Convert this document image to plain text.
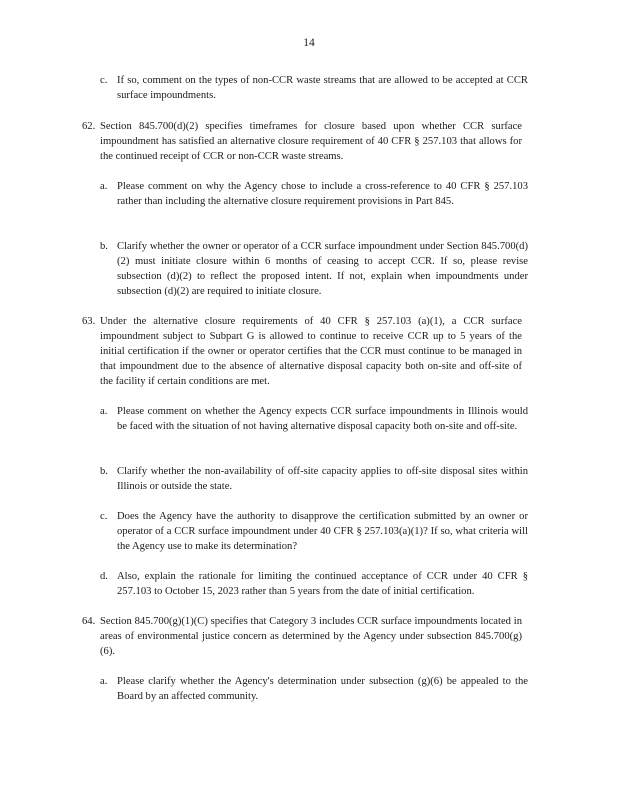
14
c. If so, comment on the types of non-CCR waste streams that are allowed to be accepted at CCR surface impoundments.
62. Section 845.700(d)(2) specifies timeframes for closure based upon whether CCR surface impoundment has satisfied an alternative closure requirement of 40 CFR § 257.103 that allows for the continued receipt of CCR or non-CCR waste streams.
a. Please comment on why the Agency chose to include a cross-reference to 40 CFR § 257.103 rather than including the alternative closure requirement provisions in Part 845.
b. Clarify whether the owner or operator of a CCR surface impoundment under Section 845.700(d)(2) must initiate closure within 6 months of ceasing to accept CCR. If so, please revise subsection (d)(2) to reflect the proposed intent. If not, explain when impoundments under subsection (d)(2) are required to initiate closure.
63. Under the alternative closure requirements of 40 CFR § 257.103 (a)(1), a CCR surface impoundment subject to Subpart G is allowed to continue to receive CCR up to 5 years of the initial certification if the owner or operator certifies that the CCR must continue to be managed in that impoundment due to the absence of alternative disposal capacity both on-site and off-site of the facility if certain conditions are met.
a. Please comment on whether the Agency expects CCR surface impoundments in Illinois would be faced with the situation of not having alternative disposal capacity both on-site and off-site.
b. Clarify whether the non-availability of off-site capacity applies to off-site disposal sites within Illinois or outside the state.
c. Does the Agency have the authority to disapprove the certification submitted by an owner or operator of a CCR surface impoundment under 40 CFR § 257.103(a)(1)? If so, what criteria will the Agency use to make its determination?
d. Also, explain the rationale for limiting the continued acceptance of CCR under 40 CFR § 257.103 to October 15, 2023 rather than 5 years from the date of initial certification.
64. Section 845.700(g)(1)(C) specifies that Category 3 includes CCR surface impoundments located in areas of environmental justice concern as determined by the Agency under subsection 845.700(g)(6).
a. Please clarify whether the Agency's determination under subsection (g)(6) be appealed to the Board by an affected community.
